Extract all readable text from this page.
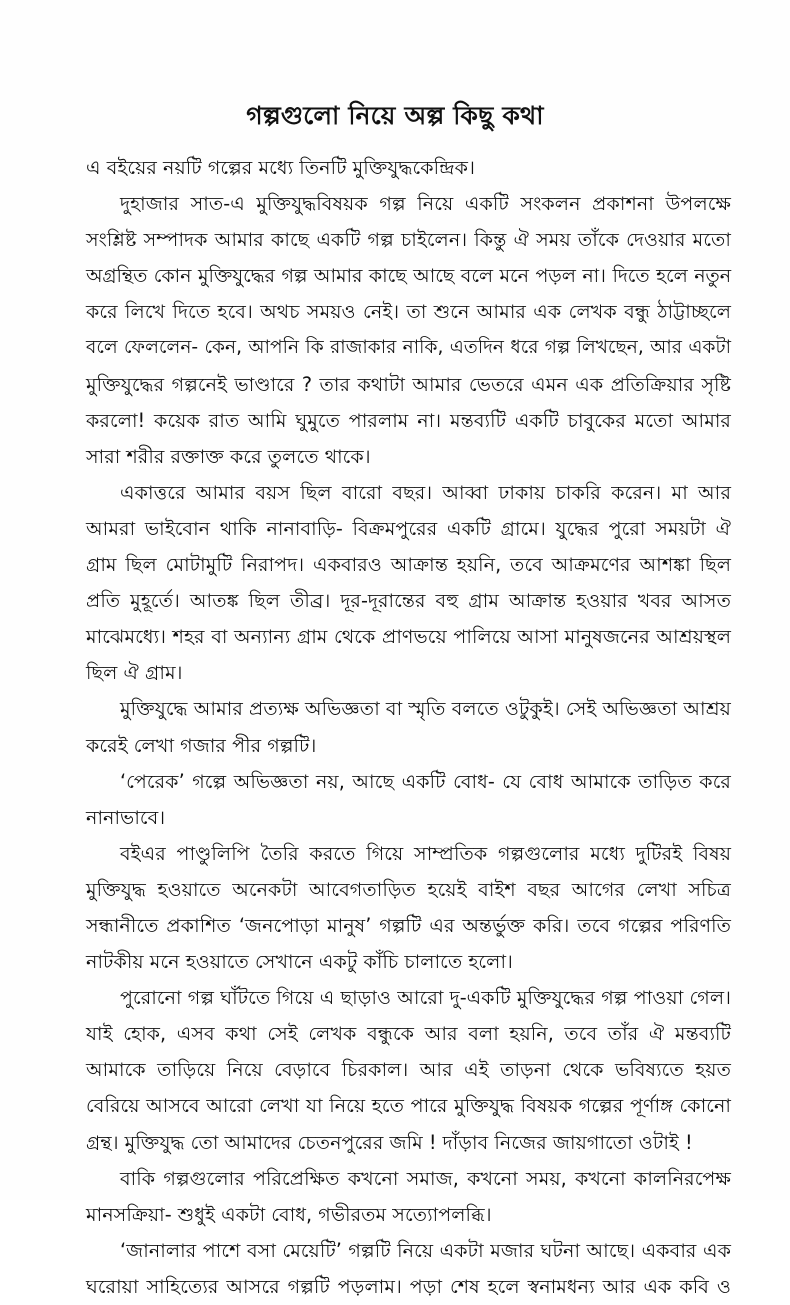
গল্পগুলো নিয়ে অল্প কিছু কথা
এ বইয়ের নয়টি গল্পের মধ্যে তিনটি মুক্তিযুদ্ধকেন্দ্রিক।
দুহাজার সাত-এ মুক্তিযুদ্ধবিষয়ক গল্প নিয়ে একটি সংকলন প্রকাশনা উপলক্ষে
সংশ্লিষ্ট সম্পাদক আমার কাছে একটি গল্প চাইলেন। কিন্তু ঐ সময় তাঁকে দেওয়ার মতো
অগ্রন্থিত কোন মুক্তিযুদ্ধের গল্প আমার কাছে আছে বলে মনে পড়ল না। দিতে হলে নতুন
করে লিখে দিতে হবে। অথচ সময়ও নেই। তা শুনে আমার এক লেখক বন্ধু ঠাট্টাচ্ছলে
বলে ফেললেন- কেন, আপনি কি রাজাকার নাকি, এতদিন ধরে গল্প লিখছেন, আর একটা
মুক্তিযুদ্ধের গল্পনেই ভাণ্ডারে ? তার কথাটা আমার ভেতরে এমন এক প্রতিক্রিয়ার সৃষ্টি
করলো! কয়েক রাত আমি ঘুমুতে পারলাম না। মন্তব্যটি একটি চাবুকের মতো আমার
সারা শরীর রক্তাক্ত করে তুলতে থাকে।
একাত্তরে আমার বয়স ছিল বারো বছর। আব্বা ঢাকায় চাকরি করেন। মা আর
আমরা ভাইবোন থাকি নানাবাড়ি- বিক্রমপুরের একটি গ্রামে। যুদ্ধের পুরো সময়টা ঐ
গ্রাম ছিল মোটামুটি নিরাপদ। একবারও আক্রান্ত হয়নি, তবে আক্রমণের আশঙ্কা ছিল
প্রতি মুহূর্তে। আতঙ্ক ছিল তীব্র। দূর-দূরান্তের বহু গ্রাম আক্রান্ত হওয়ার খবর আসত
মাঝেমধ্যে। শহর বা অন্যান্য গ্রাম থেকে প্রাণভয়ে পালিয়ে আসা মানুষজনের আশ্রয়স্থল
ছিল ঐ গ্রাম।
মুক্তিযুদ্ধে আমার প্রত্যক্ষ অভিজ্ঞতা বা স্মৃতি বলতে ওটুকুই। সেই অভিজ্ঞতা আশ্রয়
করেই লেখা গজার পীর গল্পটি।
‘পেরেক’ গল্পে অভিজ্ঞতা নয়, আছে একটি বোধ- যে বোধ আমাকে তাড়িত করে
নানাভাবে।
বইএর পাণ্ডুলিপি তৈরি করতে গিয়ে সাম্প্রতিক গল্পগুলোর মধ্যে দুটিরই বিষয়
মুক্তিযুদ্ধ হওয়াতে অনেকটা আবেগতাড়িত হয়েই বাইশ বছর আগের লেখা সচিত্র
সন্ধানীতে প্রকাশিত ‘জনপোড়া মানুষ’ গল্পটি এর অন্তর্ভুক্ত করি। তবে গল্পের পরিণতি
নাটকীয় মনে হওয়াতে সেখানে একটু কাঁচি চালাতে হলো।
পুরোনো গল্প ঘাঁটতে গিয়ে এ ছাড়াও আরো দু-একটি মুক্তিযুদ্ধের গল্প পাওয়া গেল।
যাই হোক, এসব কথা সেই লেখক বন্ধুকে আর বলা হয়নি, তবে তাঁর ঐ মন্তব্যটি
আমাকে তাড়িয়ে নিয়ে বেড়াবে চিরকাল। আর এই তাড়না থেকে ভবিষ্যতে হয়ত
বেরিয়ে আসবে আরো লেখা যা নিয়ে হতে পারে মুক্তিযুদ্ধ বিষয়ক গল্পের পূর্ণাঙ্গ কোনো
গ্রন্থ। মুক্তিযুদ্ধ তো আমাদের চেতনপুরের জমি ! দাঁড়াব নিজের জায়গাতো ওটাই !
বাকি গল্পগুলোর পরিপ্রেক্ষিত কখনো সমাজ, কখনো সময়, কখনো কালনিরপেক্ষ
মানসক্রিয়া- শুধুই একটা বোধ, গভীরতম সত্যোপলব্ধি।
‘জানালার পাশে বসা মেয়েটি’ গল্পটি নিয়ে একটা মজার ঘটনা আছে। একবার এক
ঘরোয়া সাহিত্যের আসরে গল্পটি পড়লাম। পড়া শেষ হলে স্বনামধন্য আর এক কবি ও
